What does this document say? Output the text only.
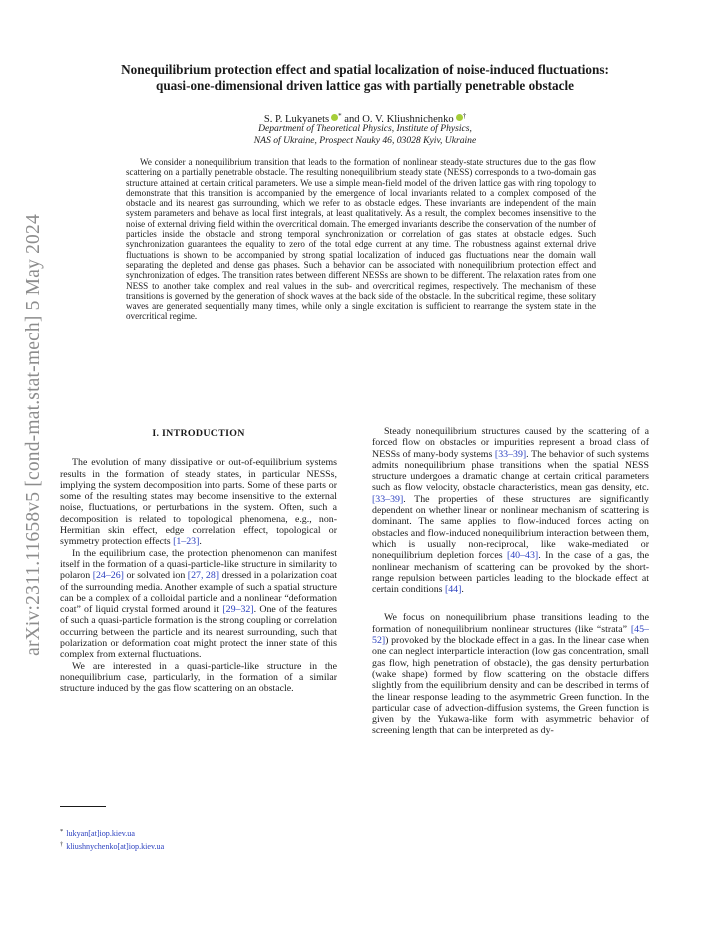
arXiv:2311.11658v5 [cond-mat.stat-mech] 5 May 2024
Nonequilibrium protection effect and spatial localization of noise-induced fluctuations:
quasi-one-dimensional driven lattice gas with partially penetrable obstacle
S. P. Lukyanets * and O. V. Kliushnichenko †
Department of Theoretical Physics, Institute of Physics,
NAS of Ukraine, Prospect Nauky 46, 03028 Kyiv, Ukraine

We consider a nonequilibrium transition that leads to the formation of nonlinear steady-state structures due to the gas flow scattering on a partially penetrable obstacle. The resulting nonequilibrium steady state (NESS) corresponds to a two-domain gas structure attained at certain critical parameters. We use a simple mean-field model of the driven lattice gas with ring topology to demonstrate that this transition is accompanied by the emergence of local invariants related to a complex composed of the obstacle and its nearest gas surrounding, which we refer to as obstacle edges. These invariants are independent of the main system parameters and behave as local first integrals, at least qualitatively. As a result, the complex becomes insensitive to the noise of external driving field within the overcritical domain. The emerged invariants describe the conservation of the number of particles inside the obstacle and strong temporal synchronization or correlation of gas states at obstacle edges. Such synchronization guarantees the equality to zero of the total edge current at any time. The robustness against external drive fluctuations is shown to be accompanied by strong spatial localization of induced gas fluctuations near the domain wall separating the depleted and dense gas phases. Such a behavior can be associated with nonequilibrium protection effect and synchronization of edges. The transition rates between different NESSs are shown to be different. The relaxation rates from one NESS to another take complex and real values in the sub- and overcritical regimes, respectively. The mechanism of these transitions is governed by the generation of shock waves at the back side of the obstacle. In the subcritical regime, these solitary waves are generated sequentially many times, while only a single excitation is sufficient to rearrange the system state in the overcritical regime.

I. INTRODUCTION

The evolution of many dissipative or out-of-equilibrium systems results in the formation of steady states, in particular NESSs, implying the system decomposition into parts. Some of these parts or some of the resulting states may become insensitive to the external noise, fluctuations, or perturbations in the system. Often, such a decomposition is related to topological phenomena, e.g., non-Hermitian skin effect, edge correlation effect, topological or symmetry protection effects [1–23].

In the equilibrium case, the protection phenomenon can manifest itself in the formation of a quasi-particle-like structure in similarity to polaron [24–26] or solvated ion [27, 28] dressed in a polarization coat of the surrounding media. Another example of such a spatial structure can be a complex of a colloidal particle and a nonlinear “deformation coat” of liquid crystal formed around it [29–32]. One of the features of such a quasi-particle formation is the strong coupling or correlation occurring between the particle and its nearest surrounding, such that polarization or deformation coat might protect the inner state of this complex from external fluctuations.

We are interested in a quasi-particle-like structure in the nonequilibrium case, particularly, in the formation of a similar structure induced by the gas flow scattering on an obstacle.

Steady nonequilibrium structures caused by the scattering of a forced flow on obstacles or impurities represent a broad class of NESSs of many-body systems [33–39]. The behavior of such systems admits nonequilibrium phase transitions when the spatial NESS structure undergoes a dramatic change at certain critical parameters such as flow velocity, obstacle characteristics, mean gas density, etc. [33–39]. The properties of these structures are significantly dependent on whether linear or nonlinear mechanism of scattering is dominant. The same applies to flow-induced forces acting on obstacles and flow-induced nonequilibrium interaction between them, which is usually non-reciprocal, like wake-mediated or nonequilibrium depletion forces [40–43]. In the case of a gas, the nonlinear mechanism of scattering can be provoked by the short-range repulsion between particles leading to the blockade effect at certain conditions [44].

We focus on nonequilibrium phase transitions leading to the formation of nonequilibrium nonlinear structures (like “strata” [45–52]) provoked by the blockade effect in a gas. In the linear case when one can neglect interparticle interaction (low gas concentration, small gas flow, high penetration of obstacle), the gas density perturbation (wake shape) formed by flow scattering on the obstacle differs slightly from the equilibrium density and can be described in terms of the linear response leading to the asymmetric Green function. In the particular case of advection-diffusion systems, the Green function is given by the Yukawa-like form with asymmetric behavior of screening length that can be interpreted as dy-

* lukyan[at]iop.kiev.ua
† kliushnychenko[at]iop.kiev.ua
